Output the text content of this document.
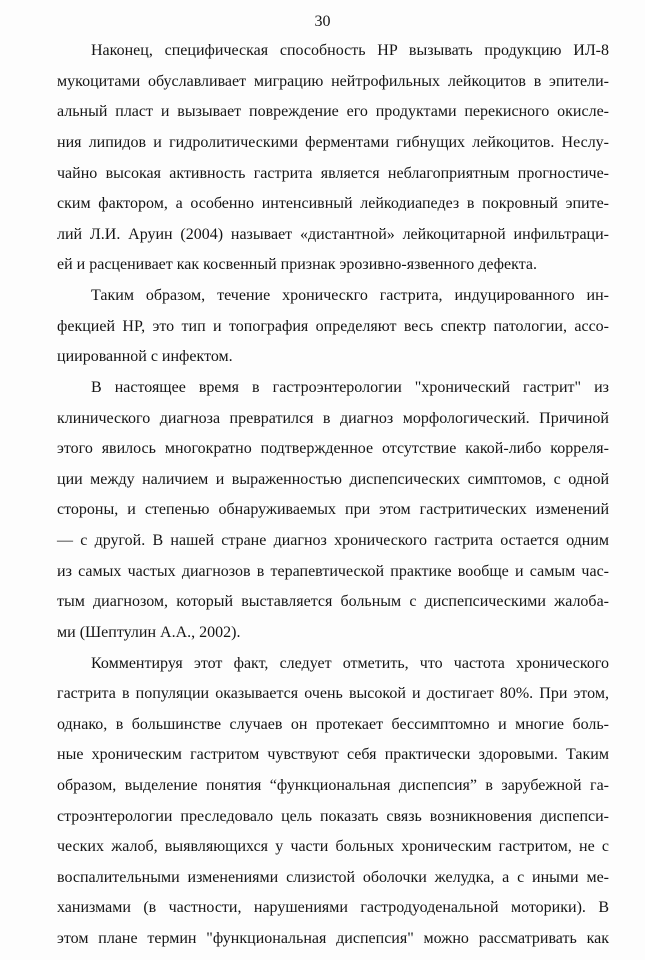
30
Наконец, специфическая способность HP вызывать продукцию ИЛ-8
мукоцитами обуславливает миграцию нейтрофильных лейкоцитов в эпители-
альный пласт и вызывает повреждение его продуктами перекисного окисле-
ния липидов и гидролитическими ферментами гибнущих лейкоцитов. Неслу-
чайно высокая активность гастрита является неблагоприятным прогностиче-
ским фактором, а особенно интенсивный лейкодиапедез в покровный эпите-
лий Л.И. Аруин (2004) называет «дистантной» лейкоцитарной инфильтраци-
ей и расценивает как косвенный признак эрозивно-язвенного дефекта.
Таким образом, течение хроническго гастрита, индуцированного ин-
фекцией HP, это тип и топография определяют весь спектр патологии, ассо-
циированной с инфектом.
В настоящее время в гастроэнтерологии "хронический гастрит" из
клинического диагноза превратился в диагноз морфологический. Причиной
этого явилось многократно подтвержденное отсутствие какой-либо корреля-
ции между наличием и выраженностью диспепсических симптомов, с одной
стороны, и степенью обнаруживаемых при этом гастритических изменений
— с другой. В нашей стране диагноз хронического гастрита остается одним
из самых частых диагнозов в терапевтической практике вообще и самым час-
тым диагнозом, который выставляется больным с диспепсическими жалоба-
ми (Шептулин А.А., 2002).
Комментируя этот факт, следует отметить, что частота хронического
гастрита в популяции оказывается очень высокой и достигает 80%. При этом,
однако, в большинстве случаев он протекает бессимптомно и многие боль-
ные хроническим гастритом чувствуют себя практически здоровыми. Таким
образом, выделение понятия “функциональная диспепсия” в зарубежной га-
строэнтерологии преследовало цель показать связь возникновения диспепси-
ческих жалоб, выявляющихся у части больных хроническим гастритом, не с
воспалительными изменениями слизистой оболочки желудка, а с иными ме-
ханизмами (в частности, нарушениями гастродуоденальной моторики). В
этом плане термин "функциональная диспепсия" можно рассматривать как
